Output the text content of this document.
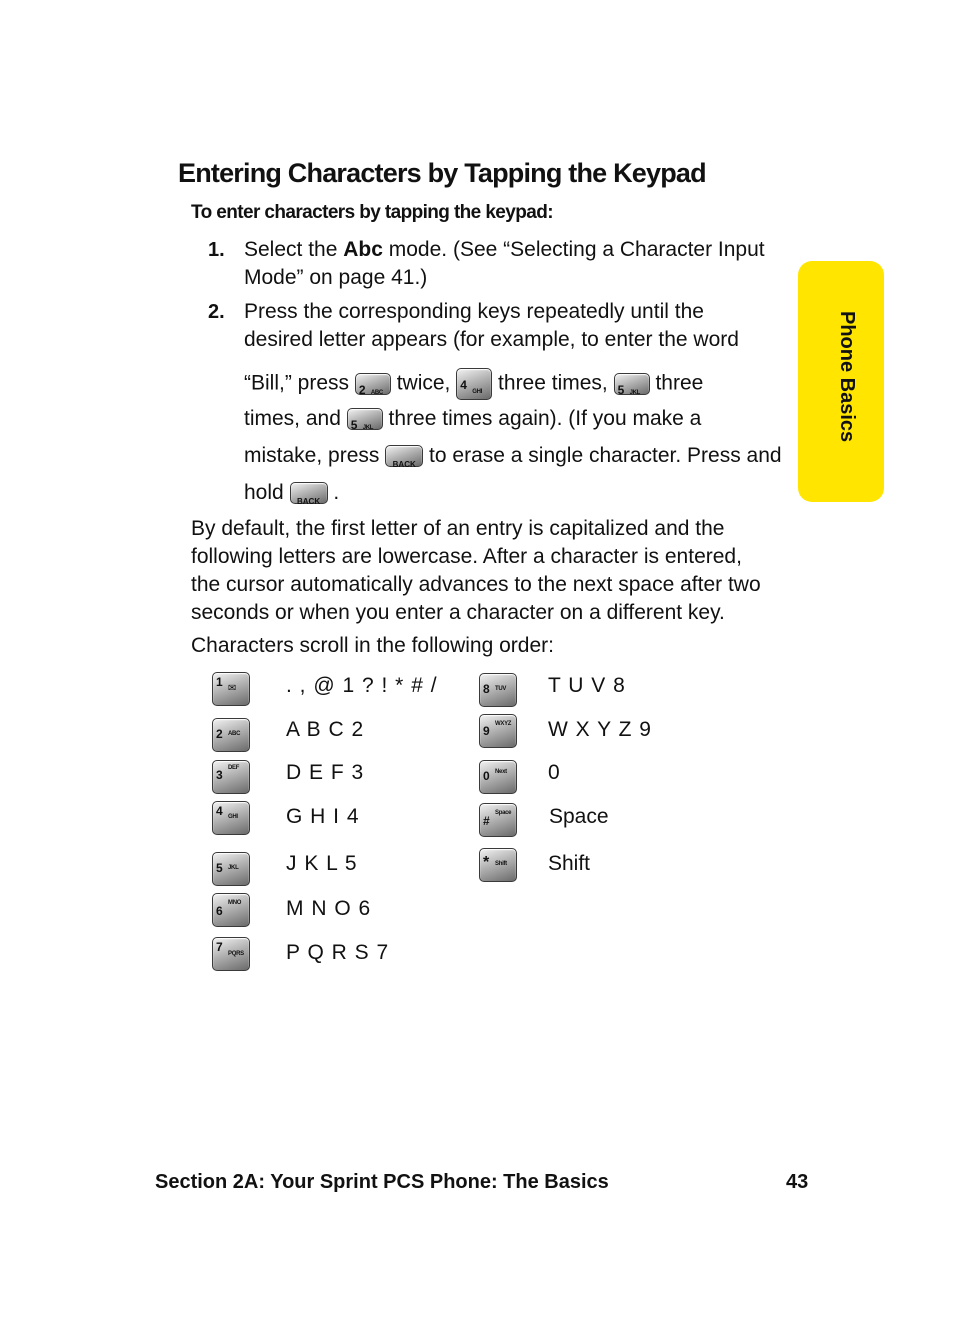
Entering Characters by Tapping the Keypad
To enter characters by tapping the keypad:
1. Select the Abc mode. (See “Selecting a Character Input
Mode” on page 41.)
2. Press the corresponding keys repeatedly until the
desired letter appears (for example, to enter the word
“Bill,” press 2 ABC twice, 4 GHI three times, 5 JKL three
times, and 5 JKL three times again). (If you make a
mistake, press BACK to erase a single character. Press and
hold BACK .
By default, the first letter of an entry is capitalized and the
following letters are lowercase. After a character is entered,
the cursor automatically advances to the next space after two
seconds or when you enter a character on a different key.
Characters scroll in the following order:
1 ✉
2 ABC
3 DEF
4 GHI
5 JKL
6
MNO
7 PQRS
. , @ 1 ? ! * # /
A B C 2
D E F 3
G H I 4
J K L 5
M N O 6
P Q R S 7
8 TUV
9 WXYZ
0 Next
#
Space
* Shift
T U V 8
W X Y Z 9
0
Space
Shift
Phone Basics
Section 2A: Your Sprint PCS Phone: The Basics	43
